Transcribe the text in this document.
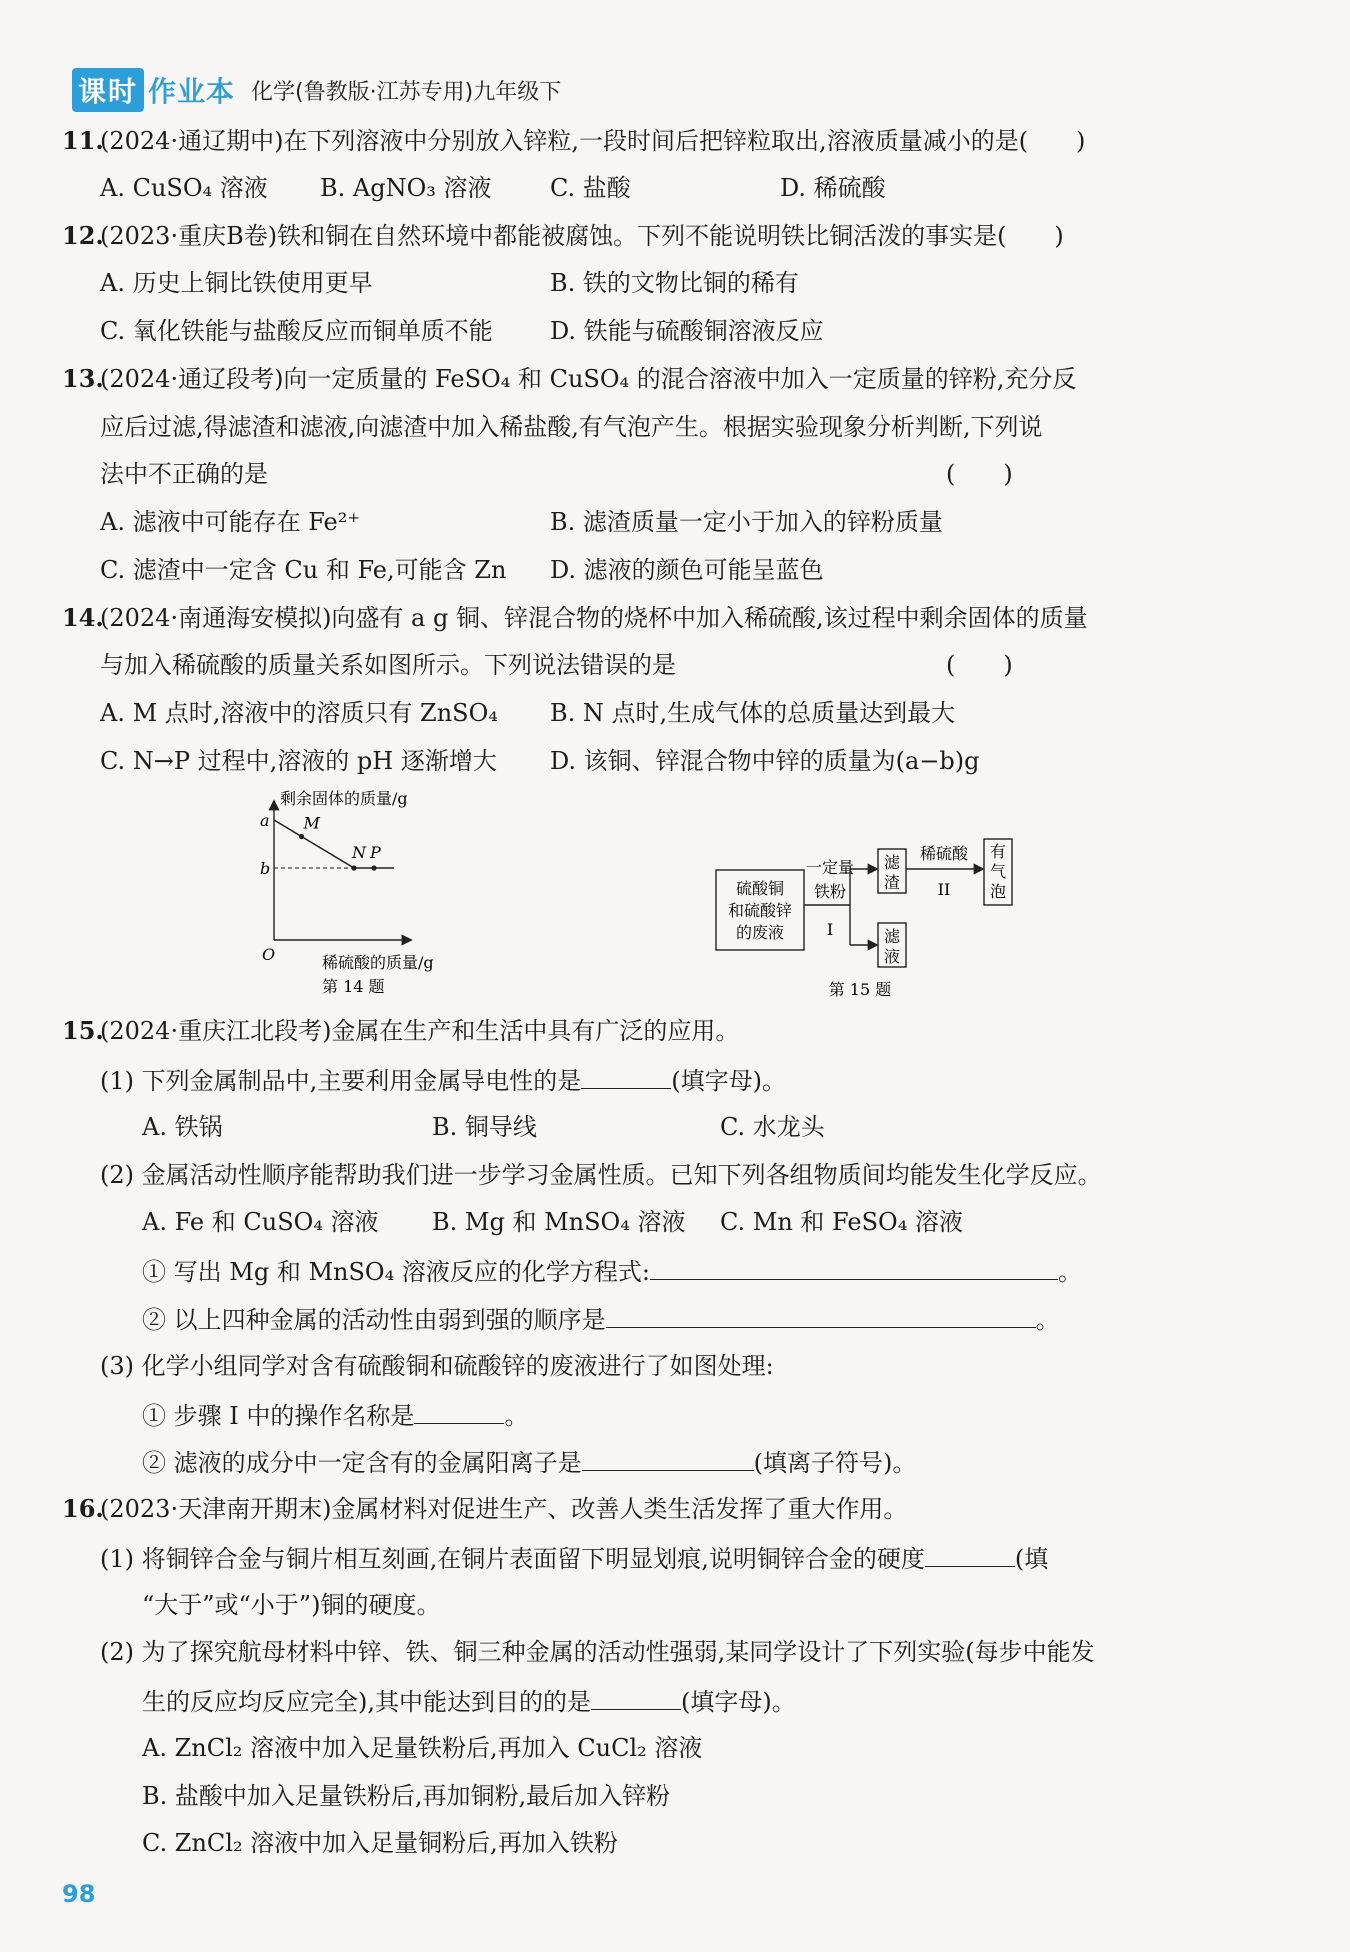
课时 作业本 化学(鲁教版·江苏专用)九年级下
11.
(2024·通辽期中)在下列溶液中分别放入锌粒,一段时间后把锌粒取出,溶液质量减小的是(　　)
A. CuSO₄ 溶液 B. AgNO₃ 溶液 C. 盐酸	D. 稀硫酸
12.
(2023·重庆B卷)铁和铜在自然环境中都能被腐蚀。下列不能说明铁比铜活泼的事实是(　　)
A. 历史上铜比铁使用更早	B. 铁的文物比铜的稀有
C. 氧化铁能与盐酸反应而铜单质不能 D. 铁能与硫酸铜溶液反应
13.
(2024·通辽段考)向一定质量的 FeSO₄ 和 CuSO₄ 的混合溶液中加入一定质量的锌粉,充分反
应后过滤,得滤渣和滤液,向滤渣中加入稀盐酸,有气泡产生。根据实验现象分析判断,下列说
法中不正确的是	(　　)
A. 滤液中可能存在 Fe²⁺	B. 滤渣质量一定小于加入的锌粉质量
C. 滤渣中一定含 Cu 和 Fe,可能含 Zn D. 滤液的颜色可能呈蓝色
14.
(2024·南通海安模拟)向盛有 a g 铜、锌混合物的烧杯中加入稀硫酸,该过程中剩余固体的质量
与加入稀硫酸的质量关系如图所示。下列说法错误的是	(　　)
A. M 点时,溶液中的溶质只有 ZnSO₄ B. N 点时,生成气体的总质量达到最大
C. N→P 过程中,溶液的 pH 逐渐增大 D. 该铜、锌混合物中锌的质量为(a−b)g
剩余固体的质量/g
稀硫酸的质量/g
O
a
b
M
N P
第 14 题
硫酸铜
和硫酸锌
的废液
一定量
铁粉
I
滤
渣
滤
液
稀硫酸
II
有
气
泡
第 15 题
15.
(2024·重庆江北段考)金属在生产和生活中具有广泛的应用。
(1) 下列金属制品中,主要利用金属导电性的是	(填字母)。
A. 铁锅	B. 铜导线	C. 水龙头
(2) 金属活动性顺序能帮助我们进一步学习金属性质。已知下列各组物质间均能发生化学反应。
A. Fe 和 CuSO₄ 溶液 B. Mg 和 MnSO₄ 溶液 C. Mn 和 FeSO₄ 溶液
① 写出 Mg 和 MnSO₄ 溶液反应的化学方程式:	。
② 以上四种金属的活动性由弱到强的顺序是	。
(3) 化学小组同学对含有硫酸铜和硫酸锌的废液进行了如图处理:
① 步骤 I 中的操作名称是	。
② 滤液的成分中一定含有的金属阳离子是	(填离子符号)。
16.
(2023·天津南开期末)金属材料对促进生产、改善人类生活发挥了重大作用。
(1) 将铜锌合金与铜片相互刻画,在铜片表面留下明显划痕,说明铜锌合金的硬度	(填
“大于”或“小于”)铜的硬度。
(2) 为了探究航母材料中锌、铁、铜三种金属的活动性强弱,某同学设计了下列实验(每步中能发
生的反应均反应完全),其中能达到目的的是	(填字母)。
A. ZnCl₂ 溶液中加入足量铁粉后,再加入 CuCl₂ 溶液
B. 盐酸中加入足量铁粉后,再加铜粉,最后加入锌粉
C. ZnCl₂ 溶液中加入足量铜粉后,再加入铁粉
98
